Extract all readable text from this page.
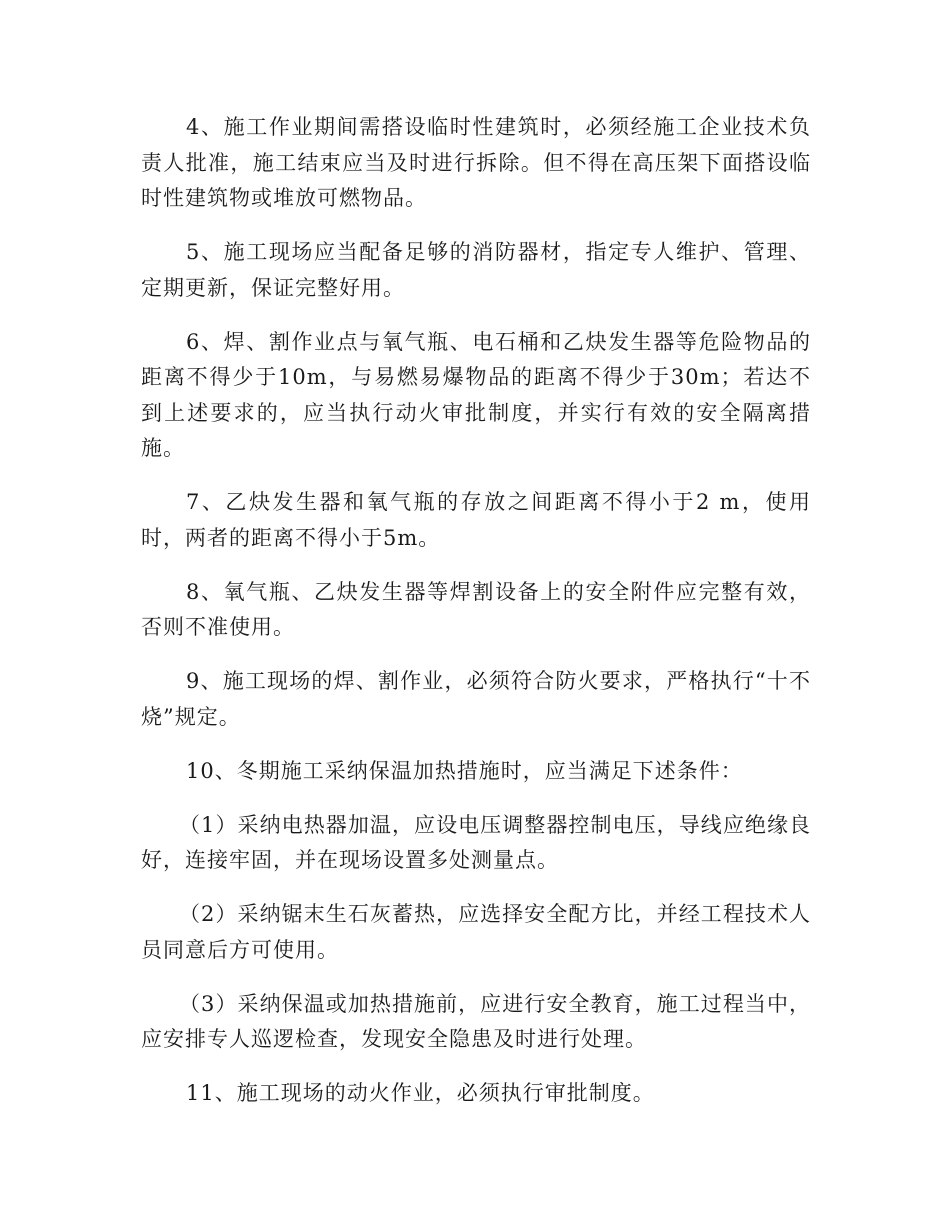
4、施工作业期间需搭设临时性建筑时，必须经施工企业技术负责人批准，施工结束应当及时进行拆除。但不得在高压架下面搭设临时性建筑物或堆放可燃物品。

5、施工现场应当配备足够的消防器材，指定专人维护、管理、定期更新，保证完整好用。

6、焊、割作业点与氧气瓶、电石桶和乙炔发生器等危险物品的距离不得少于10m，与易燃易爆物品的距离不得少于30m；若达不到上述要求的，应当执行动火审批制度，并实行有效的安全隔离措施。

7、乙炔发生器和氧气瓶的存放之间距离不得小于2 m，使用时，两者的距离不得小于5m。

8、氧气瓶、乙炔发生器等焊割设备上的安全附件应完整有效，否则不准使用。

9、施工现场的焊、割作业，必须符合防火要求，严格执行“十不烧”规定。

10、冬期施工采纳保温加热措施时，应当满足下述条件：

（1）采纳电热器加温，应设电压调整器控制电压，导线应绝缘良好，连接牢固，并在现场设置多处测量点。

（2）采纳锯末生石灰蓄热，应选择安全配方比，并经工程技术人员同意后方可使用。

（3）采纳保温或加热措施前，应进行安全教育，施工过程当中，应安排专人巡逻检查，发现安全隐患及时进行处理。

11、施工现场的动火作业，必须执行审批制度。
